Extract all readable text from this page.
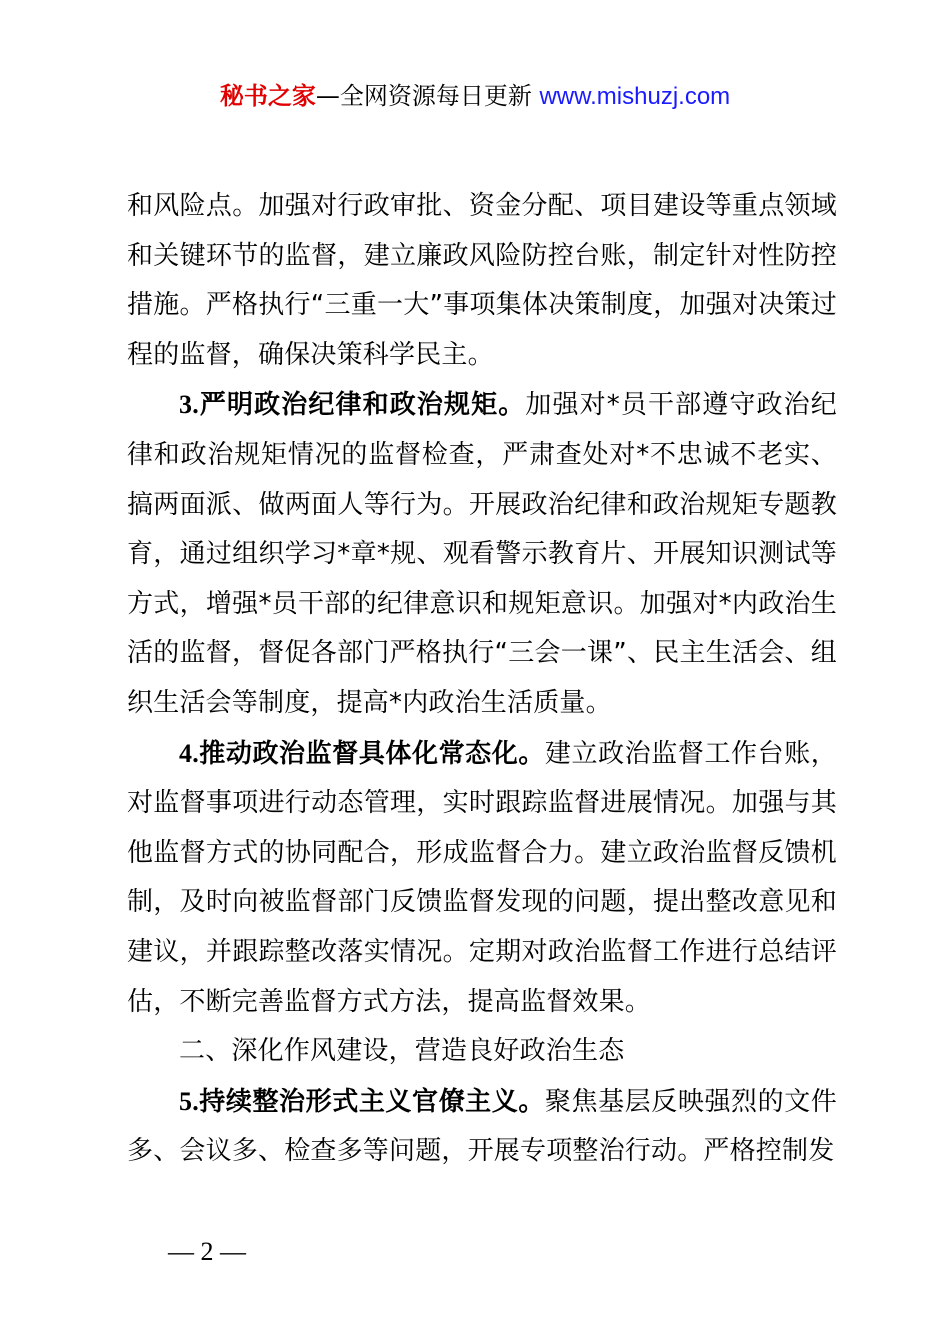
秘书之家—全网资源每日更新 www.mishuzj.com

和风险点。加强对行政审批、资金分配、项目建设等重点领域和关键环节的监督，建立廉政风险防控台账，制定针对性防控措施。严格执行“三重一大”事项集体决策制度，加强对决策过程的监督，确保决策科学民主。

3.严明政治纪律和政治规矩。加强对*员干部遵守政治纪律和政治规矩情况的监督检查，严肃查处对*不忠诚不老实、搞两面派、做两面人等行为。开展政治纪律和政治规矩专题教育，通过组织学习*章*规、观看警示教育片、开展知识测试等方式，增强*员干部的纪律意识和规矩意识。加强对*内政治生活的监督，督促各部门严格执行“三会一课”、民主生活会、组织生活会等制度，提高*内政治生活质量。

4.推动政治监督具体化常态化。建立政治监督工作台账，对监督事项进行动态管理，实时跟踪监督进展情况。加强与其他监督方式的协同配合，形成监督合力。建立政治监督反馈机制，及时向被监督部门反馈监督发现的问题，提出整改意见和建议，并跟踪整改落实情况。定期对政治监督工作进行总结评估，不断完善监督方式方法，提高监督效果。

二、深化作风建设，营造良好政治生态

5.持续整治形式主义官僚主义。聚焦基层反映强烈的文件多、会议多、检查多等问题，开展专项整治行动。严格控制发

— 2 —
